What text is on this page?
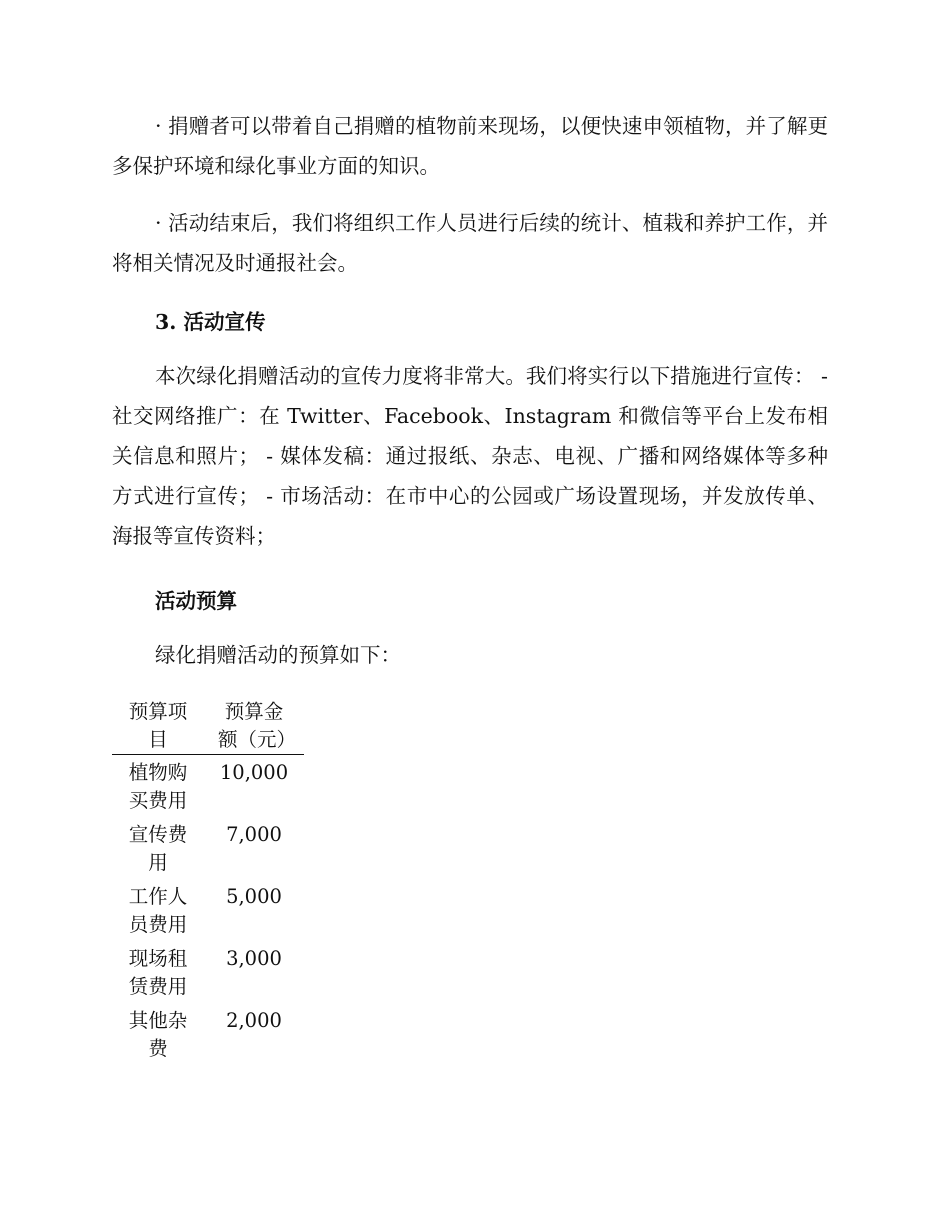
· 捐赠者可以带着自己捐赠的植物前来现场，以便快速申领植物，并了解更多保护环境和绿化事业方面的知识。

· 活动结束后，我们将组织工作人员进行后续的统计、植栽和养护工作，并将相关情况及时通报社会。

3. 活动宣传

本次绿化捐赠活动的宣传力度将非常大。我们将实行以下措施进行宣传： - 社交网络推广：在 Twitter、Facebook、Instagram 和微信等平台上发布相关信息和照片； - 媒体发稿：通过报纸、杂志、电视、广播和网络媒体等多种方式进行宣传； - 市场活动：在市中心的公园或广场设置现场，并发放传单、海报等宣传资料；

活动预算

绿化捐赠活动的预算如下：

预算项目	预算金额（元）

植物购买费用	10,000

宣传费用	7,000

工作人员费用	5,000

现场租赁费用	3,000

其他杂费	2,000
